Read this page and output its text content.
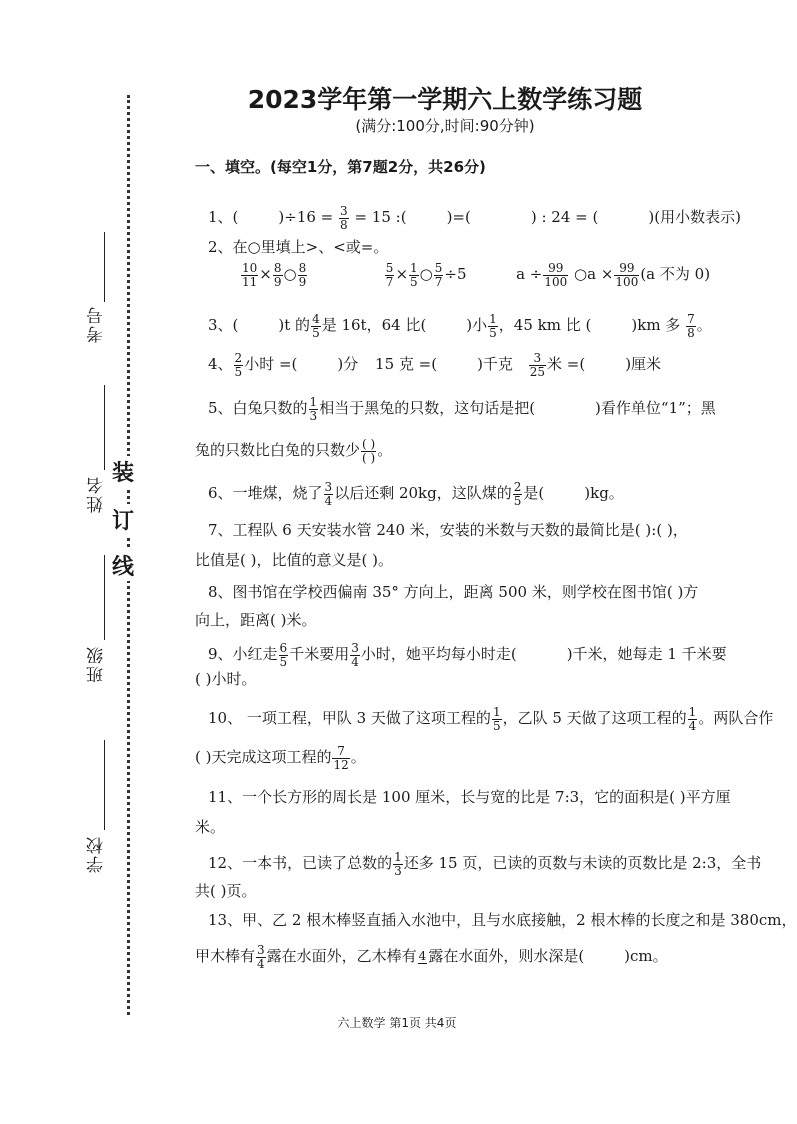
考号
姓名
班级
学校
装
订
线
2023学年第一学期六上数学练习题
(满分:100分,时间:90分钟)
一、填空。(每空1分，第7题2分，共26分)
1、(	)$\div 16 = \frac{3}{8} = 15$ :(	)=(	) : 24 = (	)(用小数表示)
2、在○里填上>、<或=。
$\frac{10}{11} \times \frac{8}{9}$ ○ $\frac{8}{9}$
	$\frac{5}{7} \times \frac{1}{5}$ ○ $\frac{5}{7} \div 5$	$a \div \frac{99}{100}$ ○a × $\frac{99}{100} (a$ 不为 0)
3、(	)t 的 $\frac{4}{5}$ 是 16t，64 比(	)小 $\frac{1}{5}$ ，45 km 比 (	)km 多 $\frac{7}{8}$ 。
4、 $\frac{2}{5}$ 小时 =(	)分 15 克 =(	)千克 $\frac{3}{25}$ 米 =(	)厘米
5、白兔只数的 $\frac{1}{3}$ 相当于黑兔的只数，这句话是把(	)看作单位“1”；黑
兔的只数比白兔的只数少 $\frac{( )}{( )}$ 。
6、一堆煤，烧了 $\frac{3}{4}$ 以后还剩 20kg，这队煤的 $\frac{2}{5}$ 是(	)kg。
7、工程队 6 天安装水管 240 米，安装的米数与天数的最简比是( ):( )，
比值是( )，比值的意义是( )。
8、图书馆在学校西偏南 35° 方向上，距离 500 米，则学校在图书馆( )方
向上，距离( )米。
9、小红走 $\frac{6}{5}$ 千米要用 $\frac{3}{4}$ 小时，她平均每小时走(	)千米，她每走 1 千米要
( )小时。
10、 一项工程，甲队 3 天做了这项工程的 $\frac{1}{5}$ ，乙队 5 天做了这项工程的 $\frac{1}{4}$ 。两队合作
( )天完成这项工程的 $\frac{7}{12}$ 。
11、一个长方形的周长是 100 厘米，长与宽的比是 7:3，它的面积是( )平方厘
米。
12、一本书，已读了总数的 $\frac{1}{3}$ 还多 15 页，已读的页数与未读的页数比是 2:3，全书
共( )页。
13、甲、乙 2 根木棒竖直插入水池中，且与水底接触，2 根木棒的长度之和是 380cm，
甲木棒有 $\frac{3}{4}$ 露在水面外，乙木棒有 4 露在水面外，则水深是(	)cm。
六上数学 第1页 共4页
